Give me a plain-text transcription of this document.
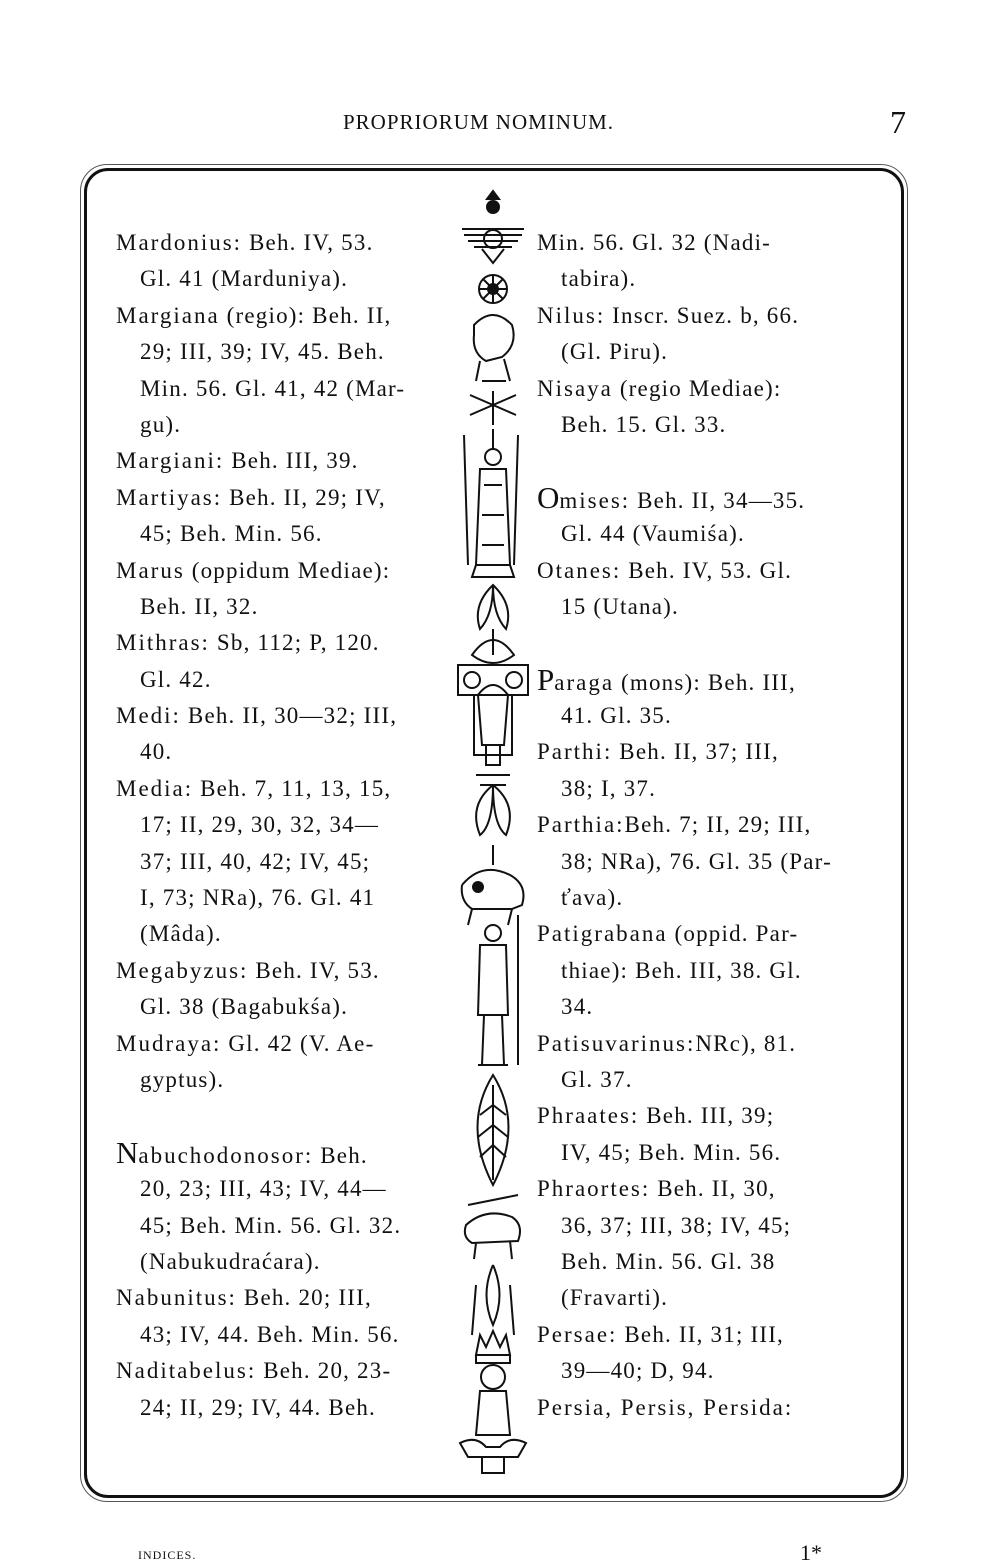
PROPRIORUM NOMINUM.	7
Mardonius: Beh. IV, 53.
Gl. 41 (Marduniya).
Margiana (regio): Beh. II,
29; III, 39; IV, 45. Beh.
Min. 56. Gl. 41, 42 (Mar-
gu).
Margiani: Beh. III, 39.
Martiyas: Beh. II, 29; IV,
45; Beh. Min. 56.
Marus (oppidum Mediae):
Beh. II, 32.
Mithras: Sb, 112; P, 120.
Gl. 42.
Medi: Beh. II, 30—32; III,
40.
Media: Beh. 7, 11, 13, 15,
17; II, 29, 30, 32, 34—
37; III, 40, 42; IV, 45;
I, 73; NRa), 76. Gl. 41
(Mâda).
Megabyzus: Beh. IV, 53.
Gl. 38 (Bagabukśa).
Mudraya: Gl. 42 (V. Ae-
gyptus).
Nabuchodonosor: Beh.
20, 23; III, 43; IV, 44—
45; Beh. Min. 56. Gl. 32.
(Nabukudraćara).
Nabunitus: Beh. 20; III,
43; IV, 44. Beh. Min. 56.
Naditabelus: Beh. 20, 23-
24; II, 29; IV, 44. Beh.
Min. 56. Gl. 32 (Nadi-
tabira).
Nilus: Inscr. Suez. b, 66.
(Gl. Piru).
Nisaya (regio Mediae):
Beh. 15. Gl. 33.
Omises: Beh. II, 34—35.
Gl. 44 (Vaumiśa).
Otanes: Beh. IV, 53. Gl.
15 (Utana).
Paraga (mons): Beh. III,
41. Gl. 35.
Parthi: Beh. II, 37; III,
38; I, 37.
Parthia:Beh. 7; II, 29; III,
38; NRa), 76. Gl. 35 (Par-
ťava).
Patigrabana (oppid. Par-
thiae): Beh. III, 38. Gl.
34.
Patisuvarinus:NRc), 81.
Gl. 37.
Phraates: Beh. III, 39;
IV, 45; Beh. Min. 56.
Phraortes: Beh. II, 30,
36, 37; III, 38; IV, 45;
Beh. Min. 56. Gl. 38
(Fravarti).
Persae: Beh. II, 31; III,
39—40; D, 94.
Persia, Persis, Persida:
INDICES.	1*
